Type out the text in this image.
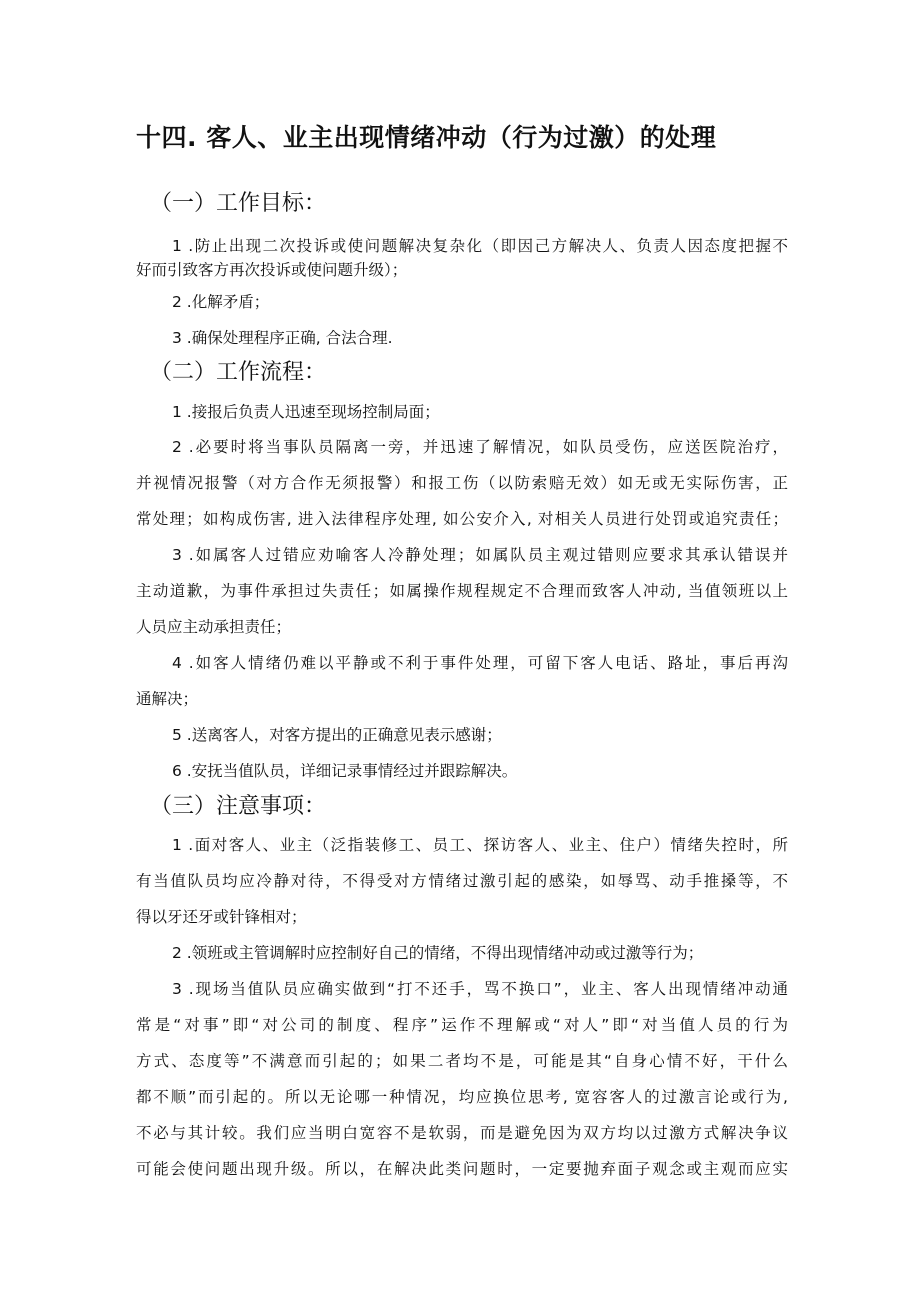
十四. 客人、业主出现情绪冲动（行为过激）的处理
（一）工作目标：
1 .防止出现二次投诉或使问题解决复杂化（即因己方解决人、负责人因态度把握不
好而引致客方再次投诉或使问题升级）；
2 .化解矛盾；
3 .确保处理程序正确, 合法合理.
（二）工作流程：
1 .接报后负责人迅速至现场控制局面；
2 .必要时将当事队员隔离一旁，并迅速了解情况，如队员受伤，应送医院治疗，
并视情况报警（对方合作无须报警）和报工伤（以防索赔无效）如无或无实际伤害，正
常处理；如构成伤害, 进入法律程序处理, 如公安介入, 对相关人员进行处罚或追究责任；
3 .如属客人过错应劝喻客人冷静处理；如属队员主观过错则应要求其承认错误并
主动道歉，为事件承担过失责任；如属操作规程规定不合理而致客人冲动, 当值领班以上
人员应主动承担责任；
4 .如客人情绪仍难以平静或不利于事件处理，可留下客人电话、路址，事后再沟
通解决；
5 .送离客人，对客方提出的正确意见表示感谢；
6 .安抚当值队员，详细记录事情经过并跟踪解决。
（三）注意事项：
1 .面对客人、业主（泛指装修工、员工、探访客人、业主、住户）情绪失控时，所
有当值队员均应冷静对待，不得受对方情绪过激引起的感染，如辱骂、动手推搡等，不
得以牙还牙或针锋相对；
2 .领班或主管调解时应控制好自己的情绪，不得出现情绪冲动或过激等行为；
3 .现场当值队员应确实做到“打不还手，骂不换口”，业主、客人出现情绪冲动通
常是“对事”即“对公司的制度、程序”运作不理解或“对人”即“对当值人员的行为
方式、态度等”不满意而引起的；如果二者均不是，可能是其“自身心情不好，干什么
都不顺”而引起的。所以无论哪一种情况，均应换位思考, 宽容客人的过激言论或行为,
不必与其计较。我们应当明白宽容不是软弱，而是避免因为双方均以过激方式解决争议
可能会使问题出现升级。所以，在解决此类问题时，一定要抛弃面子观念或主观而应实
